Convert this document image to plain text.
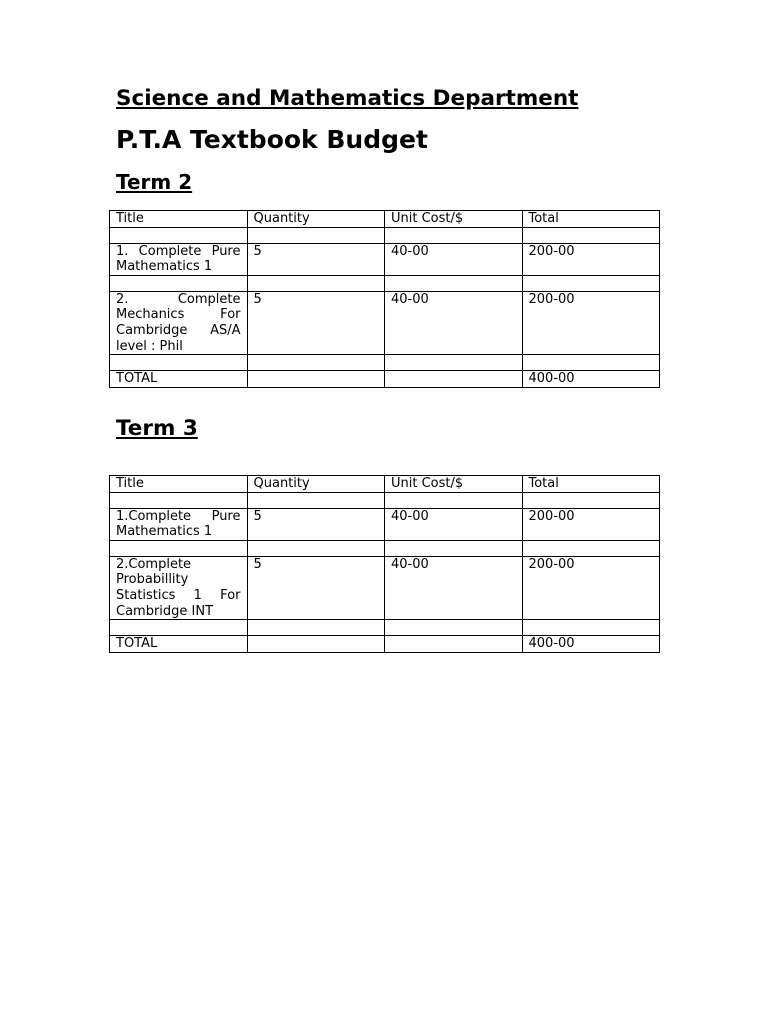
Science and Mathematics Department
P.T.A Textbook Budget
Term 2
Title	Quantity	Unit Cost/$	Total

1. Complete Pure Mathematics 1	5	40-00	200-00

2. Complete Mechanics For Cambridge AS/A level : Phil	5	40-00	200-00

TOTAL			400-00
Term 3
Title	Quantity	Unit Cost/$	Total

1.Complete Pure Mathematics 1	5	40-00	200-00

2.Complete Probabillity Statistics 1 For Cambridge INT	5	40-00	200-00

TOTAL			400-00
